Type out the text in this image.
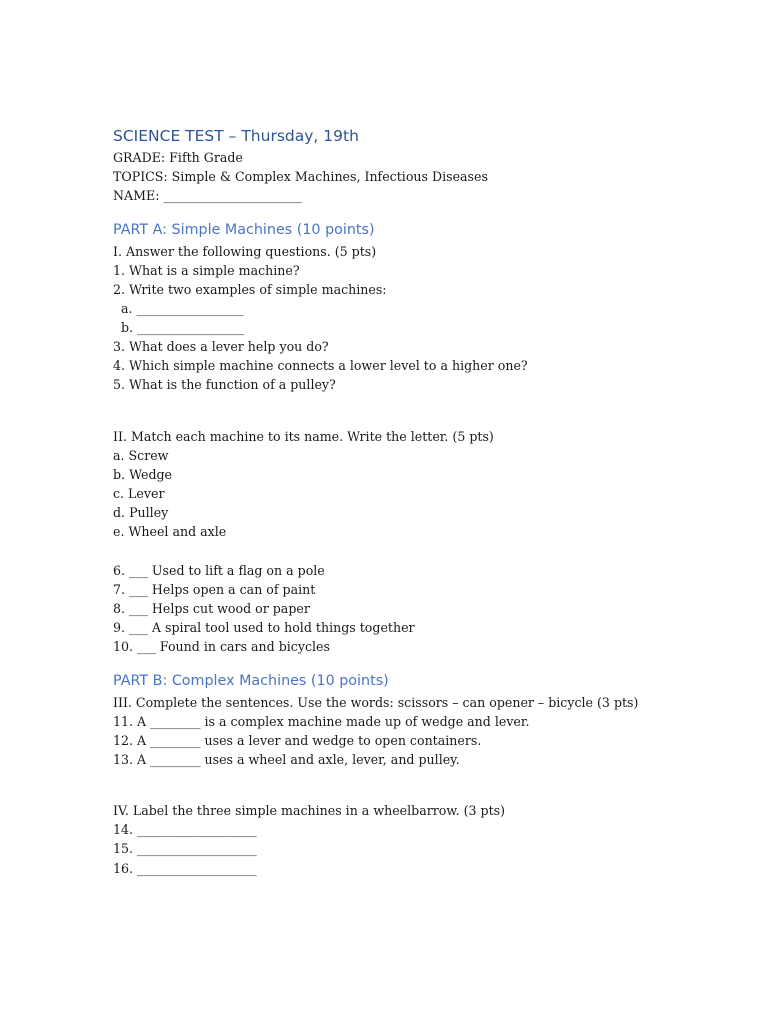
SCIENCE TEST – Thursday, 19th
GRADE: Fifth Grade
TOPICS: Simple & Complex Machines, Infectious Diseases
NAME: ______________________
PART A: Simple Machines (10 points)
I. Answer the following questions. (5 pts)
1. What is a simple machine?
2. Write two examples of simple machines:
a. _________________
b. _________________
3. What does a lever help you do?
4. Which simple machine connects a lower level to a higher one?
5. What is the function of a pulley?
II. Match each machine to its name. Write the letter. (5 pts)
a. Screw
b. Wedge
c. Lever
d. Pulley
e. Wheel and axle
6. ___ Used to lift a flag on a pole
7. ___ Helps open a can of paint
8. ___ Helps cut wood or paper
9. ___ A spiral tool used to hold things together
10. ___ Found in cars and bicycles
PART B: Complex Machines (10 points)
III. Complete the sentences. Use the words: scissors – can opener – bicycle (3 pts)
11. A ________ is a complex machine made up of wedge and lever.
12. A ________ uses a lever and wedge to open containers.
13. A ________ uses a wheel and axle, lever, and pulley.
IV. Label the three simple machines in a wheelbarrow. (3 pts)
14. ___________________
15. ___________________
16. ___________________
